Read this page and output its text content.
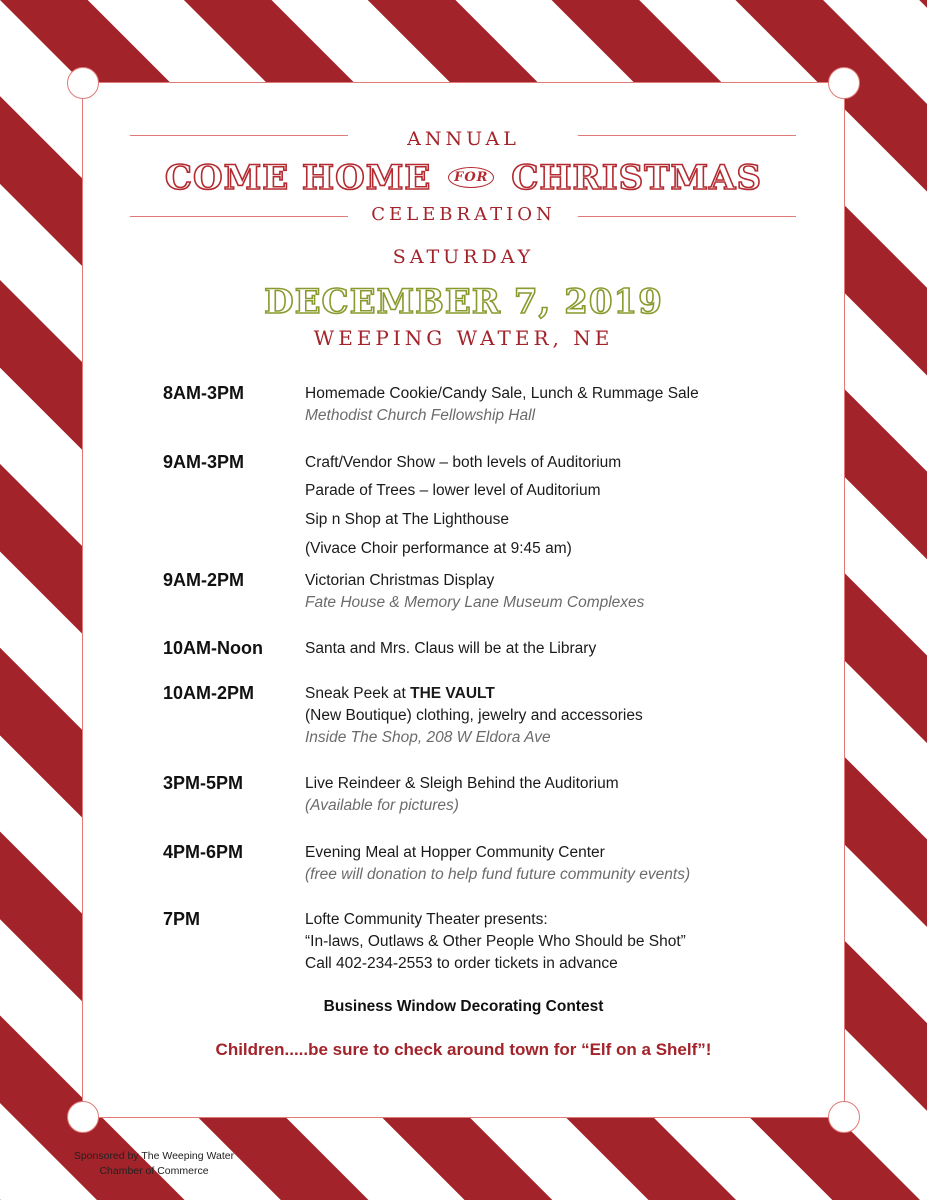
ANNUAL
COME HOME $^{FOR}$ CHRISTMAS
CELEBRATION
SATURDAY
DECEMBER 7, 2019
WEEPING WATER, NE
8AM-3PM	Homemade Cookie/Candy Sale, Lunch & Rummage Sale
Methodist Church Fellowship Hall
9AM-3PM	Craft/Vendor Show – both levels of Auditorium
Parade of Trees – lower level of Auditorium
Sip n Shop at The Lighthouse
(Vivace Choir performance at 9:45 am)
9AM-2PM	Victorian Christmas Display
Fate House & Memory Lane Museum Complexes
10AM-Noon	Santa and Mrs. Claus will be at the Library
10AM-2PM	Sneak Peek at THE VAULT
(New Boutique) clothing, jewelry and accessories
Inside The Shop, 208 W Eldora Ave
3PM-5PM	Live Reindeer & Sleigh Behind the Auditorium
(Available for pictures)
4PM-6PM	Evening Meal at Hopper Community Center
(free will donation to help fund future community events)
7PM	Lofte Community Theater presents:
“In-laws, Outlaws & Other People Who Should be Shot”
Call 402-234-2553 to order tickets in advance
Business Window Decorating Contest
Children.....be sure to check around town for “Elf on a Shelf”!
Sponsored by The Weeping Water
Chamber of Commerce
